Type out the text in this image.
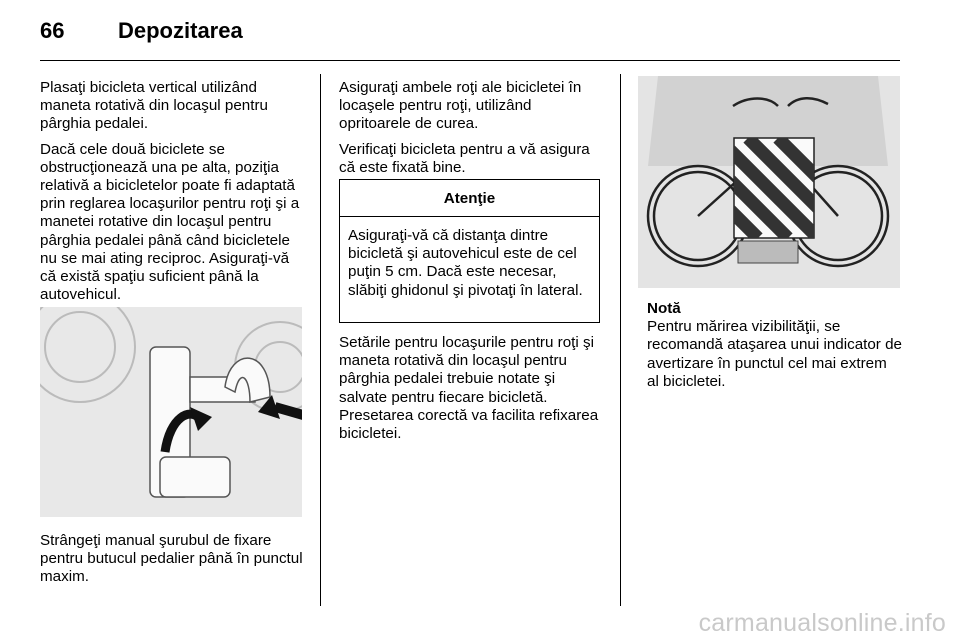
66 Depozitarea

Plasaţi bicicleta vertical utilizând maneta rotativă din locaşul pentru pârghia pedalei.

Dacă cele două biciclete se obstrucţionează una pe alta, poziţia relativă a bicicletelor poate fi adaptată prin reglarea locaşurilor pentru roţi şi a manetei rotative din locaşul pentru pârghia pedalei până când bicicletele nu se mai ating reciproc. Asiguraţi-vă că există spaţiu suficient până la autovehicul.

Strângeţi manual şurubul de fixare pentru butucul pedalier până în punctul maxim.

Asiguraţi ambele roţi ale bicicletei în locaşele pentru roţi, utilizând opritoarele de curea.

Verificaţi bicicleta pentru a vă asigura că este fixată bine.

Atenţie
Asiguraţi-vă că distanţa dintre bicicletă şi autovehicul este de cel puţin 5 cm. Dacă este necesar, slăbiţi ghidonul şi pivotaţi în lateral.

Setările pentru locaşurile pentru roţi şi maneta rotativă din locaşul pentru pârghia pedalei trebuie notate şi salvate pentru fiecare bicicletă. Presetarea corectă va facilita refixarea bicicletei.

Notă
Pentru mărirea vizibilităţii, se recomandă ataşarea unui indicator de avertizare în punctul cel mai extrem al bicicletei.
carmanualsonline.info
